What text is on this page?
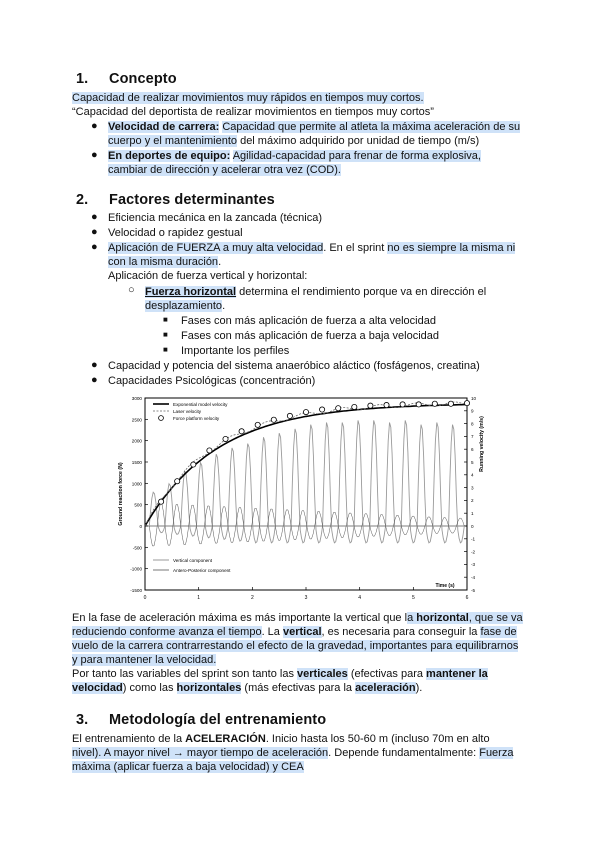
1. Concepto
Capacidad de realizar movimientos muy rápidos en tiempos muy cortos.
“Capacidad del deportista de realizar movimientos en tiempos muy cortos”
● Velocidad de carrera: Capacidad que permite al atleta la máxima aceleración de su
cuerpo y el mantenimiento del máximo adquirido por unidad de tiempo (m/s)
● En deportes de equipo: Agilidad-capacidad para frenar de forma explosiva,
cambiar de dirección y acelerar otra vez (COD).
2. Factores determinantes
● Eficiencia mecánica en la zancada (técnica)
● Velocidad o rapidez gestual
● Aplicación de FUERZA a muy alta velocidad. En el sprint no es siempre la misma ni
con la misma duración.
Aplicación de fuerza vertical y horizontal:
○ Fuerza horizontal determina el rendimiento porque va en dirección el
desplazamiento.
■ Fases con más aplicación de fuerza a alta velocidad
■ Fases con más aplicación de fuerza a baja velocidad
■ Importante los perfiles
● Capacidad y potencia del sistema anaeróbico aláctico (fosfágenos, creatina)
● Capacidades Psicológicas (concentración)
3000
2500
2000
1500
1000
500
0
-500
-1000
-1500
10
9
8
7
6
5
4
3
2
1
0
-1
-2
-3
-4
-5
0	1	2	3	4	5	6
Time (s)
Ground reaction force (N)
Running velocity (m/s)
Exponential model velocity
Laser velocity
Force platform velocity
Vertical component
Antero-Posterior component
En la fase de aceleración máxima es más importante la vertical que la horizontal, que se va
reduciendo conforme avanza el tiempo. La vertical, es necesaria para conseguir la fase de
vuelo de la carrera contrarrestando el efecto de la gravedad, importantes para equilibrarnos
y para mantener la velocidad.
Por tanto las variables del sprint son tanto las verticales (efectivas para mantener la
velocidad) como las horizontales (más efectivas para la aceleración).
3. Metodología del entrenamiento
El entrenamiento de la ACELERACIÓN. Inicio hasta los 50-60 m (incluso 70m en alto
nivel). A mayor nivel → mayor tiempo de aceleración. Depende fundamentalmente: Fuerza
máxima (aplicar fuerza a baja velocidad) y CEA
